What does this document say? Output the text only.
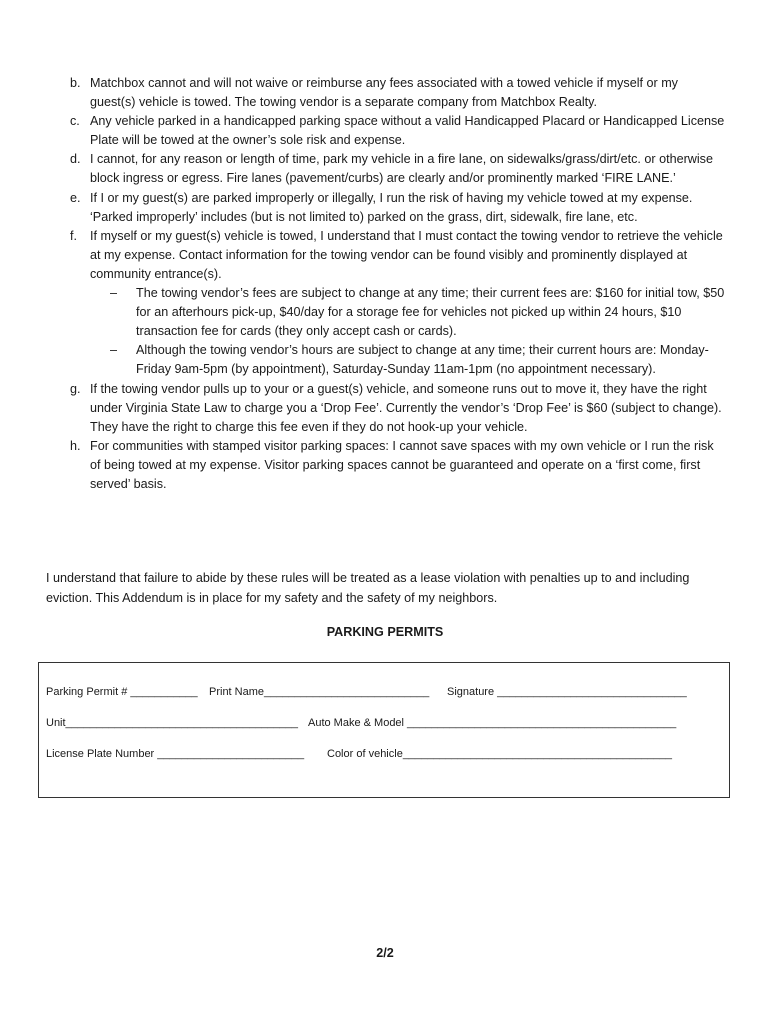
b. Matchbox cannot and will not waive or reimburse any fees associated with a towed vehicle if myself or my guest(s) vehicle is towed. The towing vendor is a separate company from Matchbox Realty.
c. Any vehicle parked in a handicapped parking space without a valid Handicapped Placard or Handicapped License Plate will be towed at the owner’s sole risk and expense.
d. I cannot, for any reason or length of time, park my vehicle in a fire lane, on sidewalks/grass/dirt/etc. or otherwise block ingress or egress. Fire lanes (pavement/curbs) are clearly and/or prominently marked ‘FIRE LANE.’
e. If I or my guest(s) are parked improperly or illegally, I run the risk of having my vehicle towed at my expense. ‘Parked improperly’ includes (but is not limited to) parked on the grass, dirt, sidewalk, fire lane, etc.
f.	If myself or my guest(s) vehicle is towed, I understand that I must contact the towing vendor to retrieve the vehicle at my expense. Contact information for the towing vendor can be found visibly and prominently displayed at community entrance(s).
–	The towing vendor’s fees are subject to change at any time; their current fees are: $160 for initial tow, $50 for an afterhours pick-up, $40/day for a storage fee for vehicles not picked up within 24 hours, $10 transaction fee for cards (they only accept cash or cards).
–	Although the towing vendor’s hours are subject to change at any time; their current hours are: Monday-Friday 9am-5pm (by appointment), Saturday-Sunday 11am-1pm (no appointment necessary).
g. If the towing vendor pulls up to your or a guest(s) vehicle, and someone runs out to move it, they have the right under Virginia State Law to charge you a ‘Drop Fee’. Currently the vendor’s ‘Drop Fee’ is $60 (subject to change). They have the right to charge this fee even if they do not hook-up your vehicle.
h. For communities with stamped visitor parking spaces: I cannot save spaces with my own vehicle or I run the risk of being towed at my expense. Visitor parking spaces cannot be guaranteed and operate on a ‘first come, first served’ basis.
I understand that failure to abide by these rules will be treated as a lease violation with penalties up to and including eviction. This Addendum is in place for my safety and the safety of my neighbors.
PARKING PERMITS
Parking Permit # ___________ Print Name___________________________ Signature _______________________________
Unit______________________________________ Auto Make & Model ____________________________________________
License Plate Number ________________________ Color of vehicle____________________________________________
2/2
